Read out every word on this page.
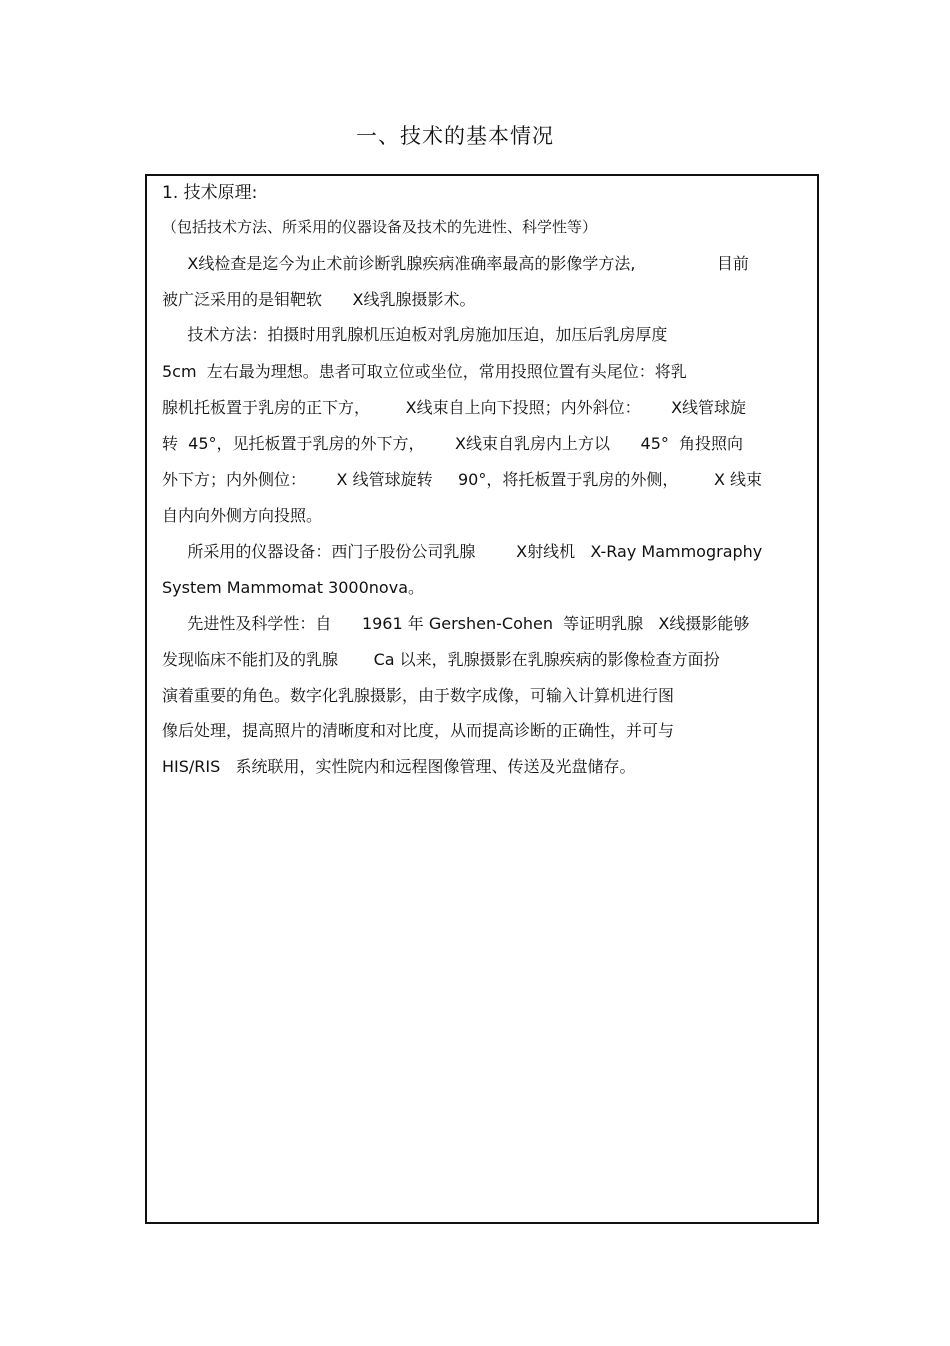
一、技术的基本情况
1. 技术原理:
（包括技术方法、所采用的仪器设备及技术的先进性、科学性等）
X线检查是迄今为止术前诊断乳腺疾病准确率最高的影像学方法,                目前
被广泛采用的是钼靶软      X线乳腺摄影术。
技术方法：拍摄时用乳腺机压迫板对乳房施加压迫，加压后乳房厚度
5cm  左右最为理想。患者可取立位或坐位，常用投照位置有头尾位：将乳
腺机托板置于乳房的正下方，       X线束自上向下投照；内外斜位：      X线管球旋
转  45°，见托板置于乳房的外下方，      X线束自乳房内上方以      45°  角投照向
外下方；内外侧位：      X 线管球旋转     90°，将托板置于乳房的外侧，       X 线束
自内向外侧方向投照。
所采用的仪器设备：西门子股份公司乳腺        X射线机   X-Ray Mammography
System Mammomat 3000nova。
先进性及科学性：自      1961 年 Gershen-Cohen  等证明乳腺   X线摄影能够
发现临床不能扪及的乳腺       Ca 以来，乳腺摄影在乳腺疾病的影像检查方面扮
演着重要的角色。数字化乳腺摄影，由于数字成像，可输入计算机进行图
像后处理，提高照片的清晰度和对比度，从而提高诊断的正确性，并可与
HIS/RIS   系统联用，实性院内和远程图像管理、传送及光盘储存。
